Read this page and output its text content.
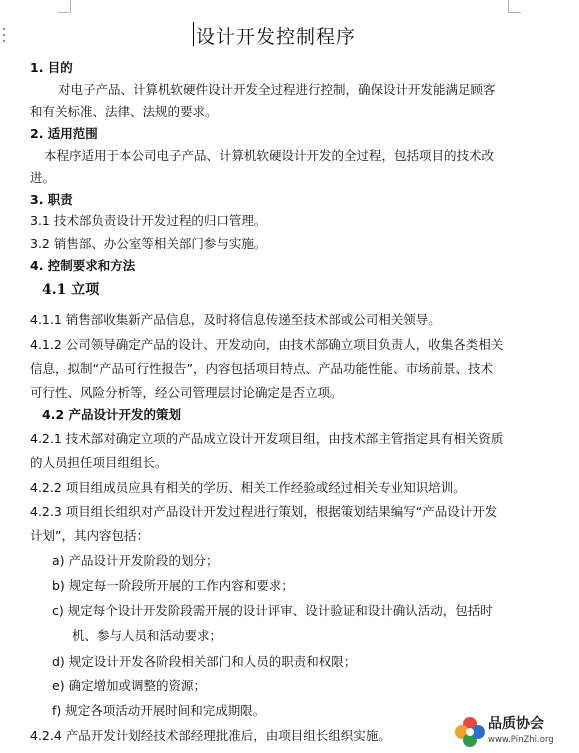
设计开发控制程序
1. 目的
对电子产品、计算机软硬件设计开发全过程进行控制，确保设计开发能满足顾客
和有关标准、法律、法规的要求。
2. 适用范围
本程序适用于本公司电子产品、计算机软硬设计开发的全过程，包括项目的技术改
进。
3. 职责
3.1 技术部负责设计开发过程的归口管理。
3.2 销售部、办公室等相关部门参与实施。
4. 控制要求和方法
4.1 立项
4.1.1 销售部收集新产品信息，及时将信息传递至技术部或公司相关领导。
4.1.2 公司领导确定产品的设计、开发动向，由技术部确立项目负责人，收集各类相关
信息，拟制“产品可行性报告”，内容包括项目特点、产品功能性能、市场前景、技术
可行性、风险分析等，经公司管理层讨论确定是否立项。
4.2 产品设计开发的策划
4.2.1 技术部对确定立项的产品成立设计开发项目组，由技术部主管指定具有相关资质
的人员担任项目组组长。
4.2.2 项目组成员应具有相关的学历、相关工作经验或经过相关专业知识培训。
4.2.3 项目组长组织对产品设计开发过程进行策划，根据策划结果编写“产品设计开发
计划”，其内容包括：
a) 产品设计开发阶段的划分；
b) 规定每一阶段所开展的工作内容和要求；
c) 规定每个设计开发阶段需开展的设计评审、设计验证和设计确认活动，包括时
机、参与人员和活动要求；
d) 规定设计开发各阶段相关部门和人员的职责和权限；
e) 确定增加或调整的资源；
f) 规定各项活动开展时间和完成期限。
4.2.4 产品开发计划经技术部经理批准后，由项目组长组织实施。
品质协会
www.PinZhi.org
